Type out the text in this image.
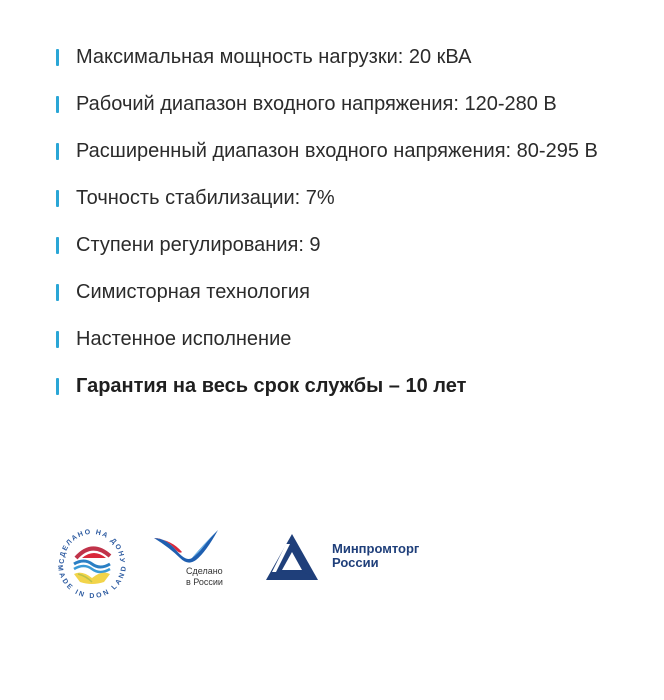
Максимальная мощность нагрузки: 20 кВА
Рабочий диапазон входного напряжения: 120-280 В
Расширенный диапазон входного напряжения: 80-295 В
Точность стабилизации: 7%
Ступени регулирования: 9
Симисторная технология
Настенное исполнение
Гарантия на весь срок службы – 10 лет
СДЕЛАНО НА ДОНУ
MADE IN DON LAND	Сделано
в России
Минпромторг
России
